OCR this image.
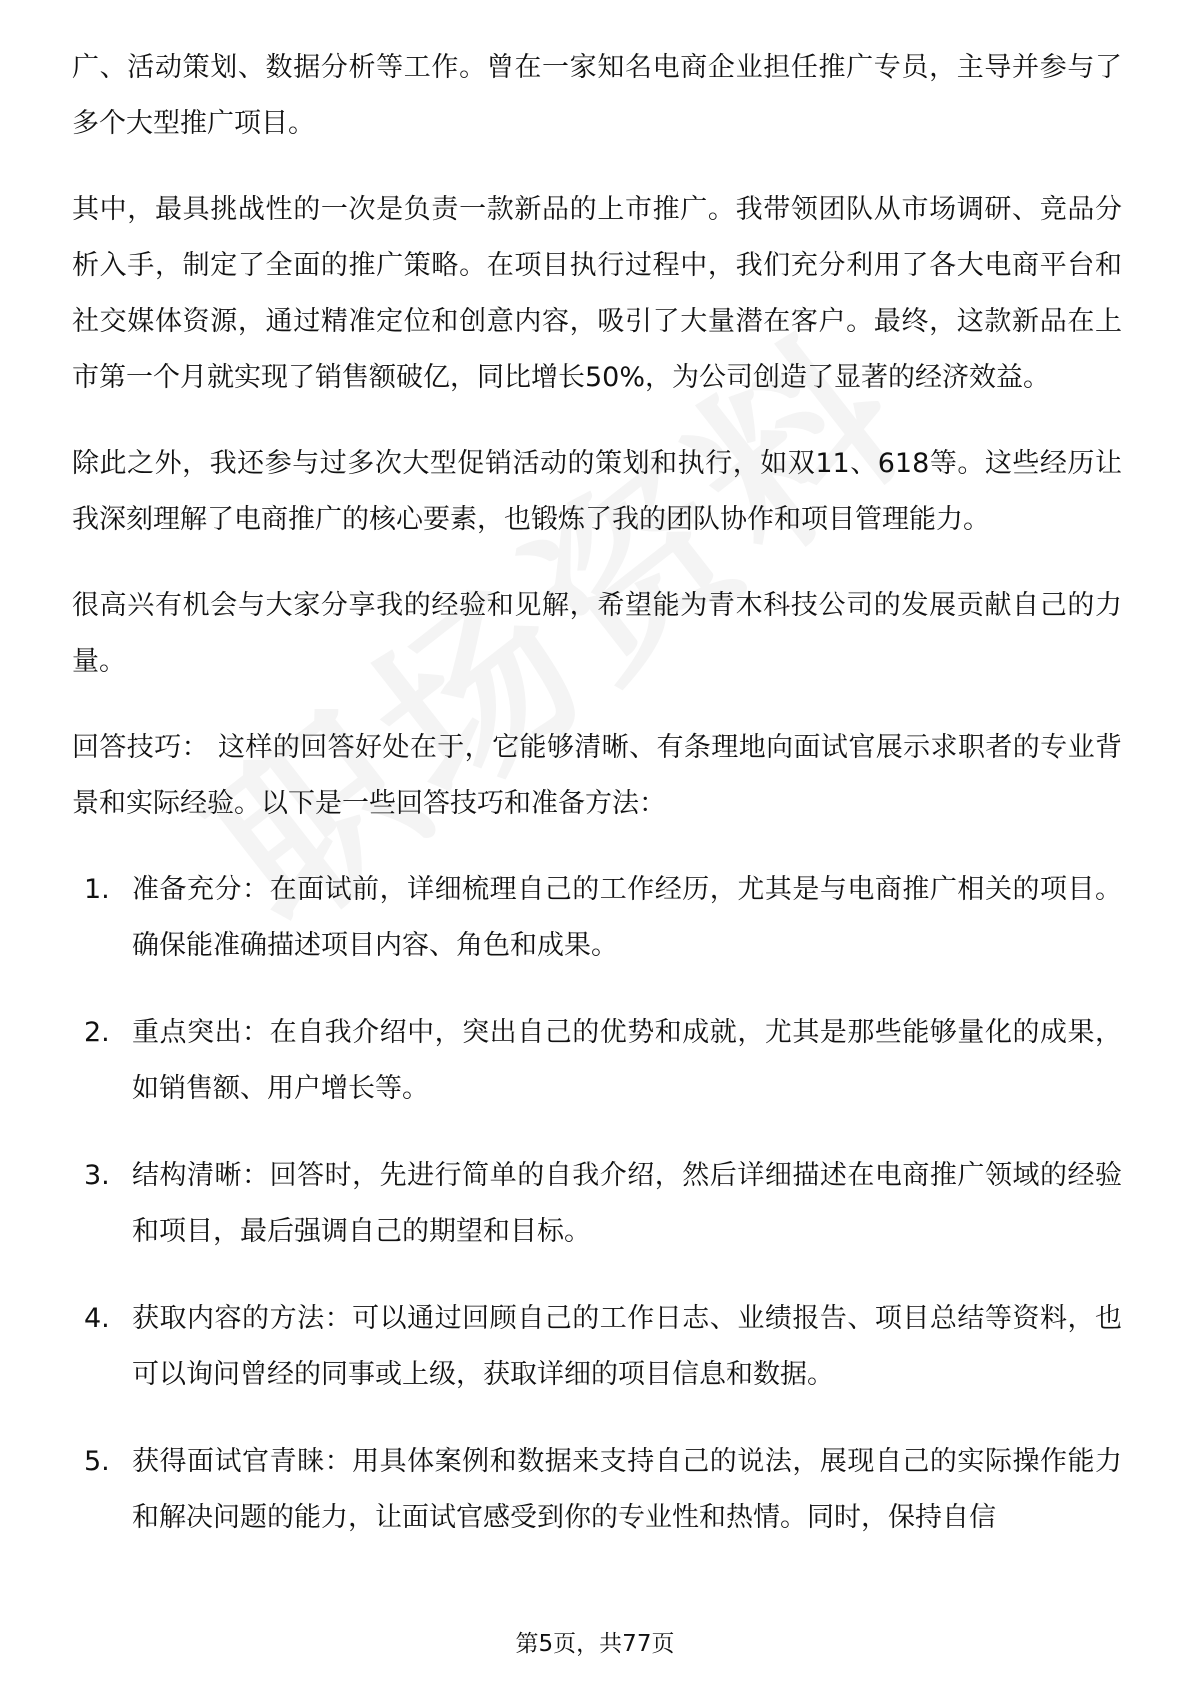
广、活动策划、数据分析等工作。曾在一家知名电商企业担任推广专员，主导并参与了多个大型推广项目。

其中，最具挑战性的一次是负责一款新品的上市推广。我带领团队从市场调研、竞品分析入手，制定了全面的推广策略。在项目执行过程中，我们充分利用了各大电商平台和社交媒体资源，通过精准定位和创意内容，吸引了大量潜在客户。最终，这款新品在上市第一个月就实现了销售额破亿，同比增长50%，为公司创造了显著的经济效益。

除此之外，我还参与过多次大型促销活动的策划和执行，如双11、618等。这些经历让我深刻理解了电商推广的核心要素，也锻炼了我的团队协作和项目管理能力。

很高兴有机会与大家分享我的经验和见解，希望能为青木科技公司的发展贡献自己的力量。

回答技巧： 这样的回答好处在于，它能够清晰、有条理地向面试官展示求职者的专业背景和实际经验。以下是一些回答技巧和准备方法：

1. 准备充分：在面试前，详细梳理自己的工作经历，尤其是与电商推广相关的项目。确保能准确描述项目内容、角色和成果。
2. 重点突出：在自我介绍中，突出自己的优势和成就，尤其是那些能够量化的成果，如销售额、用户增长等。
3. 结构清晰：回答时，先进行简单的自我介绍，然后详细描述在电商推广领域的经验和项目，最后强调自己的期望和目标。
4. 获取内容的方法：可以通过回顾自己的工作日志、业绩报告、项目总结等资料，也可以询问曾经的同事或上级，获取详细的项目信息和数据。
5. 获得面试官青睐：用具体案例和数据来支持自己的说法，展现自己的实际操作能力和解决问题的能力，让面试官感受到你的专业性和热情。同时，保持自信
第5页，共77页
